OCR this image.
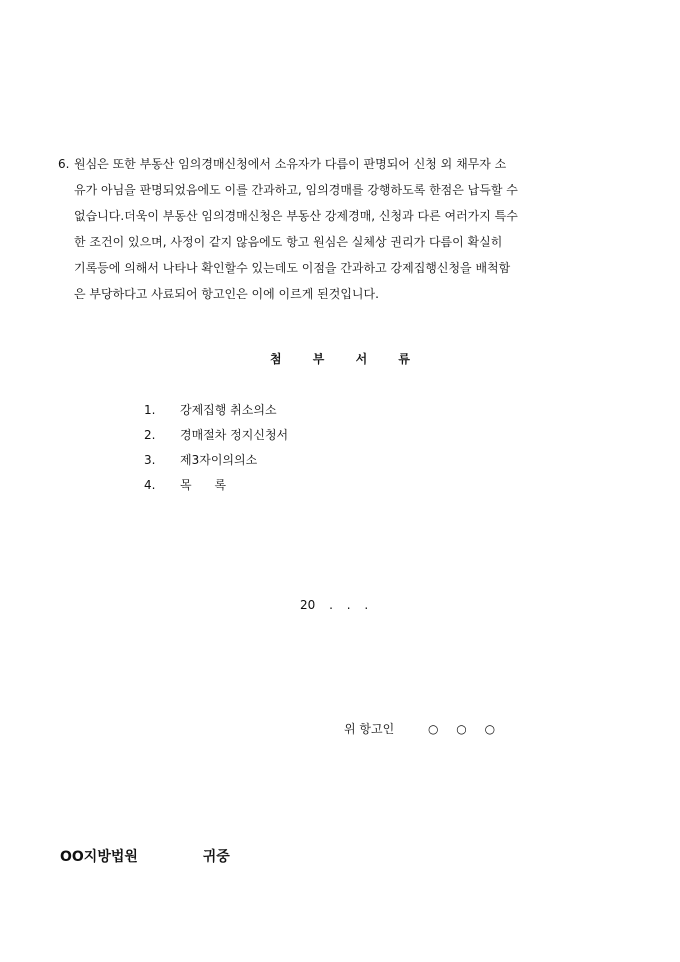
6. 원심은 또한 부동산 임의경매신청에서 소유자가 다름이 판명되어 신청 외 채무자 소
유가 아님을 판명되었음에도 이를 간과하고, 임의경매를 강행하도록 한점은 납득할 수
없습니다.더욱이 부동산 임의경매신청은 부동산 강제경매, 신청과 다른 여러가지 특수
한 조건이 있으며, 사정이 같지 않음에도 항고 원심은 실체상 권리가 다름이 확실히
기록등에 의해서 나타나 확인할수 있는데도 이점을 간과하고 강제집행신청을 배척함
은 부당하다고 사료되어 항고인은 이에 이르게 된것입니다.
첨	부	서	류
1. 강제집행 취소의소
2. 경매절차 정지신청서
3. 제3자이의의소
4. 목      록
20 . . .
위 항고인	○ ○ ○
OO지방법원	귀중
